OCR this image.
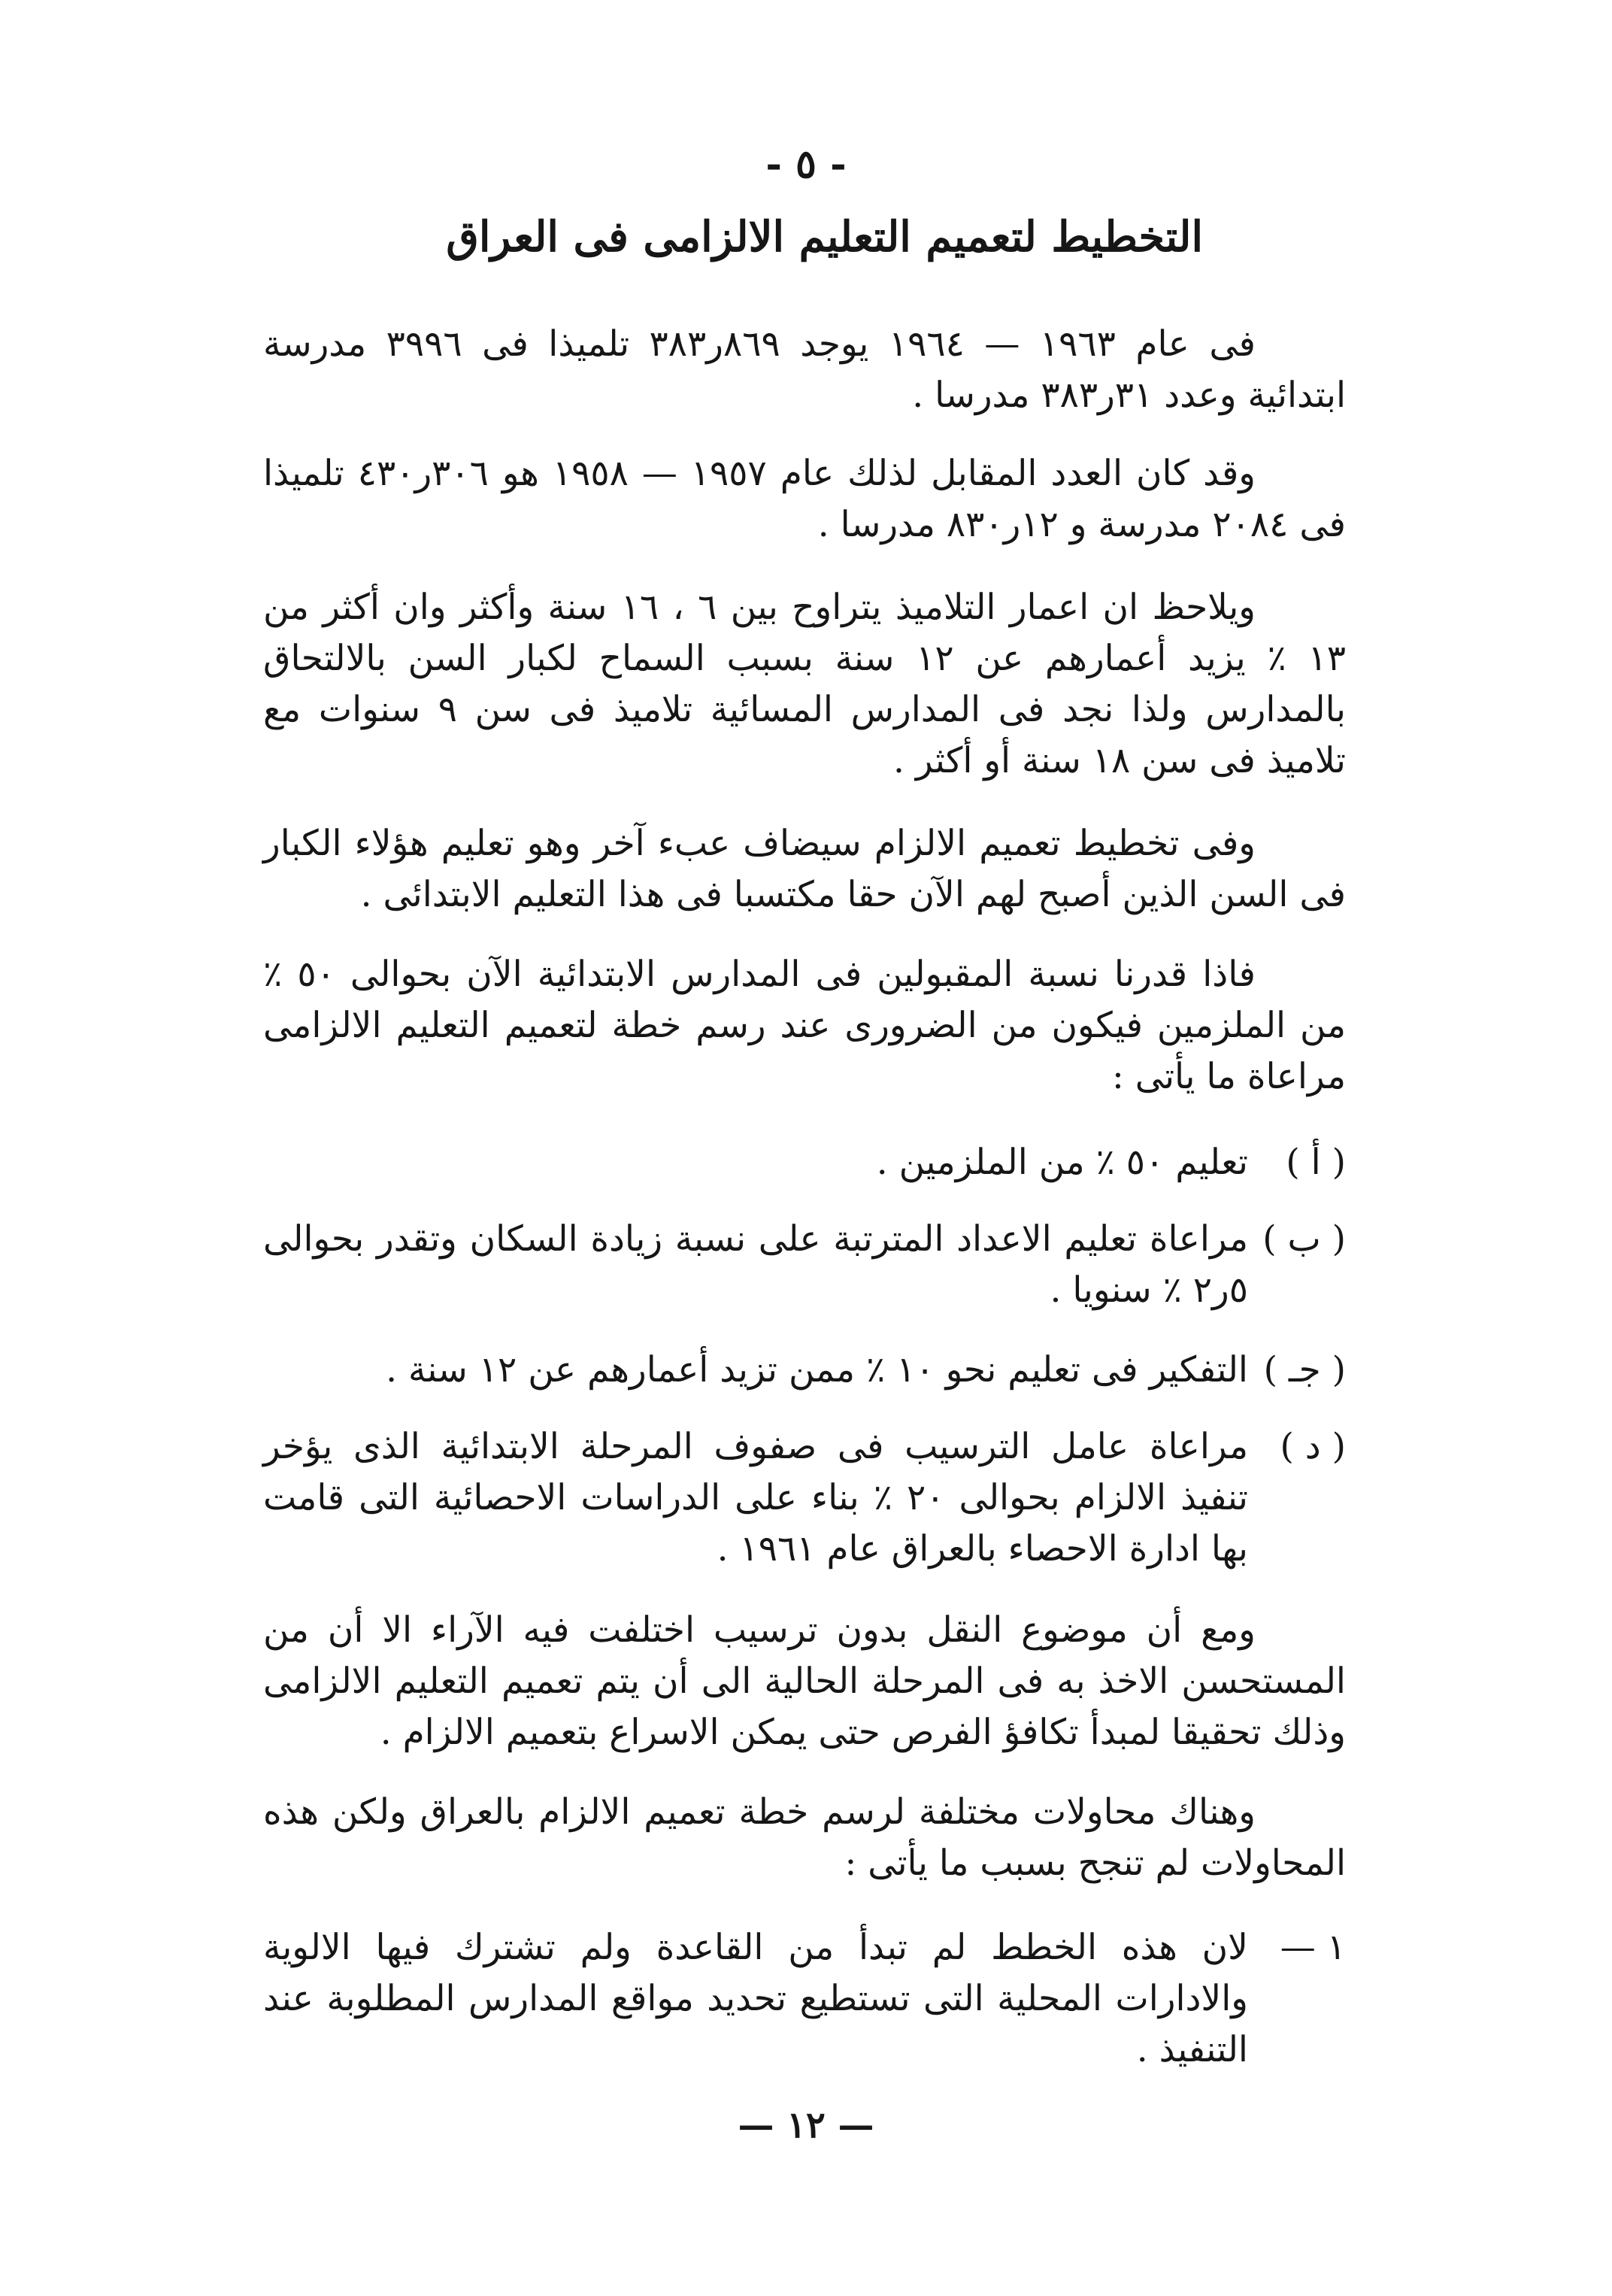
- ٥ -
التخطيط لتعميم التعليم الالزامى فى العراق
فى عام ١٩٦٣ — ١٩٦٤ يوجد ٨٦٩ر٣٨٣ تلميذا فى ٣٩٩٦ مدرسة ابتدائية وعدد ٣١ر٣٨٣ مدرسا .
وقد كان العدد المقابل لذلك عام ١٩٥٧ — ١٩٥٨ هو ٣٠٦ر٤٣٠ تلميذا فى ٢٠٨٤ مدرسة و ١٢ر٨٣٠ مدرسا .
ويلاحظ ان اعمار التلاميذ يتراوح بين ٦ ، ١٦ سنة وأكثر وان أكثر من ١٣ ٪ يزيد أعمارهم عن ١٢ سنة بسبب السماح لكبار السن بالالتحاق بالمدارس ولذا نجد فى المدارس المسائية تلاميذ فى سن ٩ سنوات مع تلاميذ فى سن ١٨ سنة أو أكثر .
وفى تخطيط تعميم الالزام سيضاف عبء آخر وهو تعليم هؤلاء الكبار فى السن الذين أصبح لهم الآن حقا مكتسبا فى هذا التعليم الابتدائى .
فاذا قدرنا نسبة المقبولين فى المدارس الابتدائية الآن بحوالى ٥٠ ٪ من الملزمين فيكون من الضرورى عند رسم خطة لتعميم التعليم الالزامى مراعاة ما يأتى :
( أ )
تعليم ٥٠ ٪ من الملزمين .
( ب )
مراعاة تعليم الاعداد المترتبة على نسبة زيادة السكان وتقدر بحوالى ٥ر٢ ٪ سنويا .
( جـ )
التفكير فى تعليم نحو ١٠ ٪ ممن تزيد أعمارهم عن ١٢ سنة .
( د )
مراعاة عامل الترسيب فى صفوف المرحلة الابتدائية الذى يؤخر تنفيذ الالزام بحوالى ٢٠ ٪ بناء على الدراسات الاحصائية التى قامت بها ادارة الاحصاء بالعراق عام ١٩٦١ .
ومع أن موضوع النقل بدون ترسيب اختلفت فيه الآراء الا أن من المستحسن الاخذ به فى المرحلة الحالية الى أن يتم تعميم التعليم الالزامى وذلك تحقيقا لمبدأ تكافؤ الفرص حتى يمكن الاسراع بتعميم الالزام .
وهناك محاولات مختلفة لرسم خطة تعميم الالزام بالعراق ولكن هذه المحاولات لم تنجح بسبب ما يأتى :
١ —
لان هذه الخطط لم تبدأ من القاعدة ولم تشترك فيها الالوية والادارات المحلية التى تستطيع تحديد مواقع المدارس المطلوبة عند التنفيذ .
— ١٢ —
